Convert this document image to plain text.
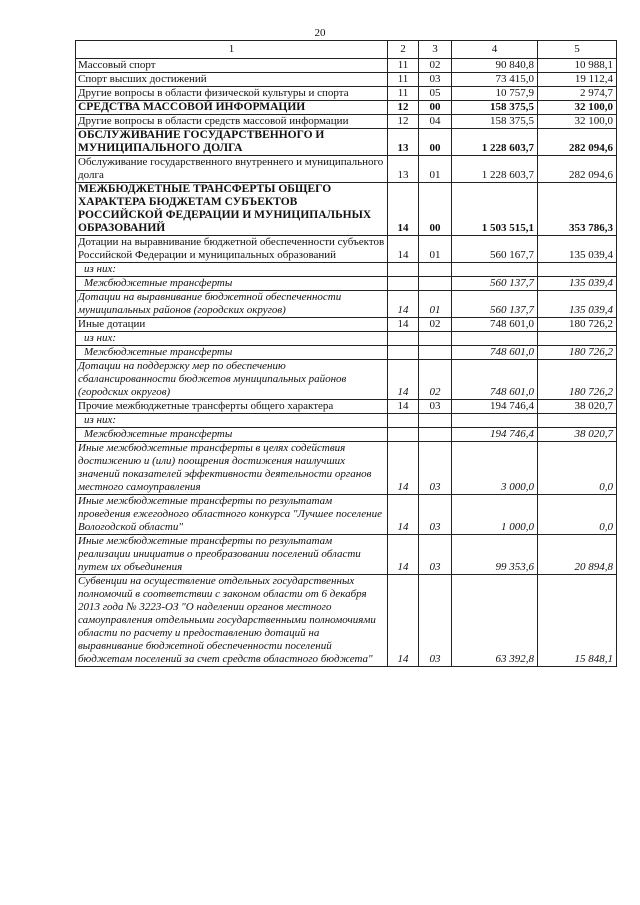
20
1	2	3	4	5
Массовый спорт	11	02	90 840,8	10 988,1
Спорт высших достижений	11	03	73 415,0	19 112,4
Другие вопросы в области физической культуры и спорта	11	05	10 757,9	2 974,7
СРЕДСТВА МАССОВОЙ ИНФОРМАЦИИ	12	00	158 375,5	32 100,0
Другие вопросы в области средств массовой информации	12	04	158 375,5	32 100,0
ОБСЛУЖИВАНИЕ ГОСУДАРСТВЕННОГО И МУНИЦИПАЛЬНОГО ДОЛГА	13	00	1 228 603,7	282 094,6
Обслуживание государственного внутреннего и муниципального долга	13	01	1 228 603,7	282 094,6
МЕЖБЮДЖЕТНЫЕ ТРАНСФЕРТЫ ОБЩЕГО ХАРАКТЕРА БЮДЖЕТАМ СУБЪЕКТОВ РОССИЙСКОЙ ФЕДЕРАЦИИ И МУНИЦИПАЛЬНЫХ ОБРАЗОВАНИЙ	14	00	1 503 515,1	353 786,3
Дотации на выравнивание бюджетной обеспеченности субъектов Российской Федерации и муниципальных образований	14	01	560 167,7	135 039,4
из них:				
Межбюджетные трансферты			560 137,7	135 039,4
Дотации на выравнивание бюджетной обеспеченности муниципальных районов (городских округов)	14	01	560 137,7	135 039,4
Иные дотации	14	02	748 601,0	180 726,2
из них:				
Межбюджетные трансферты			748 601,0	180 726,2
Дотации на поддержку мер по обеспечению сбалансированности бюджетов муниципальных районов (городских округов)	14	02	748 601,0	180 726,2
Прочие межбюджетные трансферты общего характера	14	03	194 746,4	38 020,7
из них:				
Межбюджетные трансферты			194 746,4	38 020,7
Иные межбюджетные трансферты в целях содействия достижению и (или) поощрения достижения наилучших значений показателей эффективности деятельности органов местного самоуправления	14	03	3 000,0	0,0
Иные межбюджетные трансферты по результатам проведения ежегодного областного конкурса "Лучшее поселение Вологодской области"	14	03	1 000,0	0,0
Иные межбюджетные трансферты по результатам реализации инициатив о преобразовании поселений области путем их объединения	14	03	99 353,6	20 894,8
Субвенции на осуществление отдельных государственных полномочий в соответствии с законом области от 6 декабря 2013 года № 3223-ОЗ "О наделении органов местного самоуправления отдельными государственными полномочиями области по расчету и предоставлению дотаций на выравнивание бюджетной обеспеченности поселений бюджетам поселений за счет средств областного бюджета"	14	03	63 392,8	15 848,1
